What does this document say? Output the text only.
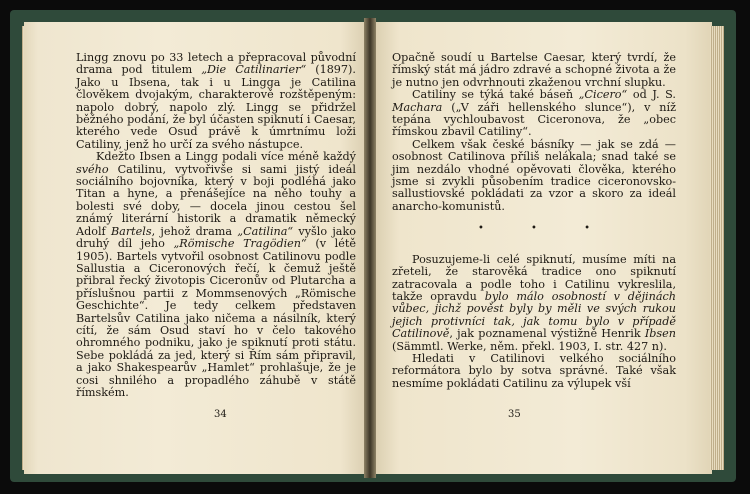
Lingg znovu po 33 letech a přepracoval původní drama pod titulem „Die Catilinarier“ (1897). Jako u Ibsena, tak i u Lingga je Catilina člověkem dvojakým, charakterově rozštěpeným: napolo dobrý, napolo zlý. Lingg se přidržel běžného podání, že byl účasten spiknutí i Caesar, kterého vede Osud právě k úmrtnímu loži Catiliny, jenž ho určí za svého nástupce.

Kdežto Ibsen a Lingg podali více méně každý svého Catilinu, vytvořivše si sami jistý ideál sociálního bojovníka, který v boji podléhá jako Titan a hyne, a přenášejíce na něho touhy a bolesti své doby, — docela jinou cestou šel známý literární historik a dramatik německý Adolf Bartels, jehož drama „Catilina“ vyšlo jako druhý díl jeho „Römische Tragödien“ (v létě 1905). Bartels vytvořil osobnost Catilinovu podle Sallustia a Ciceronových řečí, k čemuž ještě přibral řecký životopis Ciceronův od Plutarcha a příslušnou partii z Mommsenových „Römische Geschichte“. Je tedy celkem představen Bartelsův Catilina jako ničema a násilník, který cítí, že sám Osud staví ho v čelo takového ohromného podniku, jako je spiknutí proti státu. Sebe pokládá za jed, který si Řím sám připravil, a jako Shakespearův „Hamlet“ prohlašuje, že je cosi shnilého a propadlého záhubě v státě římském.

34

Opačně soudí u Bartelse Caesar, který tvrdí, že římský stát má jádro zdravé a schopné života a že je nutno jen odvrhnouti zkaženou vrchní slupku.

Catiliny se týká také báseň „Cicero“ od J. S. Machara („V záři hellenského slunce“), v níž tepána vychloubavost Ciceronova, že „obec římskou zbavil Catiliny“.

Celkem však české básníky — jak se zdá — osobnost Catilinova příliš nelákala; snad také se jim nezdálo vhodné opěvovati člověka, kterého jsme si zvykli působením tradice ciceronovsko-sallustiovské pokládati za vzor a skoro za ideál anarcho-komunistů.

• • •

Posuzujeme-li celé spiknutí, musíme míti na zřeteli, že starověká tradice ono spiknutí zatracovala a podle toho i Catilinu vykreslila, takže opravdu bylo málo osobností v dějinách vůbec, jichž pověst byly by měli ve svých rukou jejich protivníci tak, jak tomu bylo v případě Catilinově, jak poznamenal výstižně Henrik Ibsen (Sämmtl. Werke, něm. překl. 1903, I. str. 427 n).

Hledati v Catilinovi velkého sociálního reformátora bylo by sotva správné. Také však nesmíme pokládati Catilinu za výlupek vší

35
